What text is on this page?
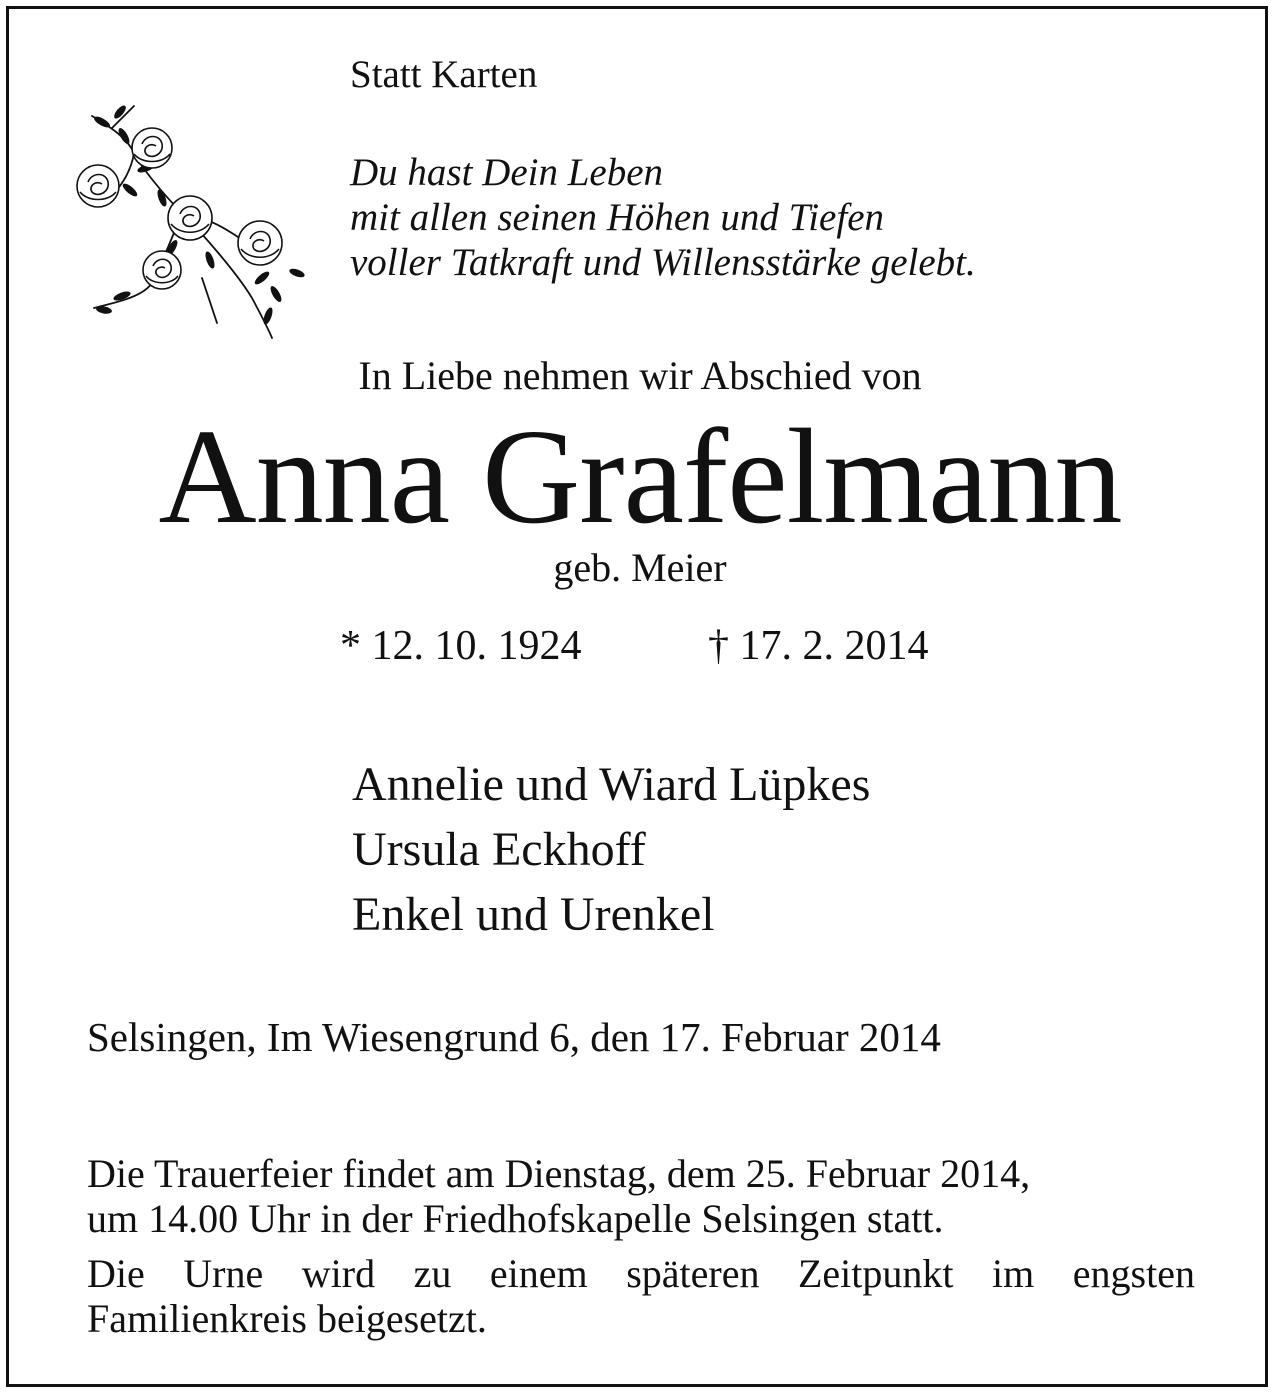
Statt Karten

Du hast Dein Leben
mit allen seinen Höhen und Tiefen
voller Tatkraft und Willensstärke gelebt.

In Liebe nehmen wir Abschied von

Anna Grafelmann

geb. Meier

* 12. 10. 1924	† 17. 2. 2014

Annelie und Wiard Lüpkes
Ursula Eckhoff
Enkel und Urenkel

Selsingen, Im Wiesengrund 6, den 17. Februar 2014

Die Trauerfeier findet am Dienstag, dem 25. Februar 2014,
um 14.00 Uhr in der Friedhofskapelle Selsingen statt.
Die Urne wird zu einem späteren Zeitpunkt im engsten
Familienkreis beigesetzt.
